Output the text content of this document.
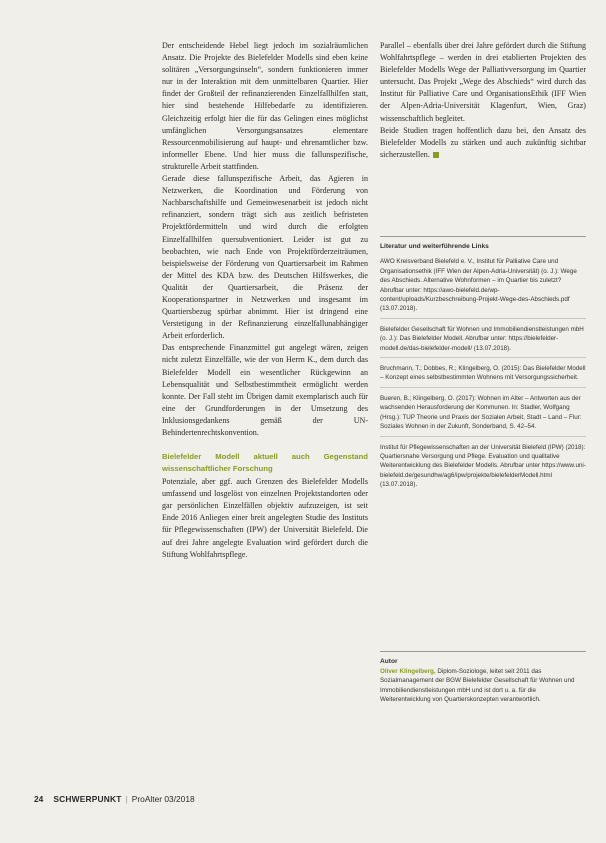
Der entscheidende Hebel liegt jedoch im sozialräumlichen Ansatz. Die Projekte des Bielefelder Modells sind eben keine solitären „Versorgungsinseln“, sondern funktionieren immer nur in der Interaktion mit dem unmittelbaren Quartier. Hier findet der Großteil der refinanzierenden Einzelfallhilfen statt, hier sind bestehende Hilfebedarfe zu identifizieren. Gleichzeitig erfolgt hier die für das Gelingen eines möglichst umfänglichen Versorgungsansatzes elementare Ressourcenmobilisierung auf haupt- und ehrenamtlicher bzw. informeller Ebene. Und hier muss die fallunspezifische, strukturelle Arbeit stattfinden.

Gerade diese fallunspezifische Arbeit, das Agieren in Netzwerken, die Koordination und Förderung von Nachbarschaftshilfe und Gemeinwesenarbeit ist jedoch nicht refinanziert, sondern trägt sich aus zeitlich befristeten Projektfördermitteln und wird durch die erfolgten Einzelfallhilfen quersubventioniert. Leider ist gut zu beobachten, wie nach Ende von Projektförderzeiträumen, beispielsweise der Förderung von Quartiersarbeit im Rahmen der Mittel des KDA bzw. des Deutschen Hilfswerkes, die Qualität der Quartiersarbeit, die Präsenz der Kooperationspartner in Netzwerken und insgesamt im Quartiersbezug spürbar abnimmt. Hier ist dringend eine Verstetigung in der Refinanzierung einzelfallunabhängiger Arbeit erforderlich.

Das entsprechende Finanzmittel gut angelegt wären, zeigen nicht zuletzt Einzelfälle, wie der von Herrn K., dem durch das Bielefelder Modell ein wesentlicher Rückgewinn an Lebensqualität und Selbstbestimmtheit ermöglicht werden konnte. Der Fall steht im Übrigen damit exemplarisch auch für eine der Grundforderungen in der Umsetzung des Inklusionsgedankens gemäß der UN-Behindertenrechtskonvention.

Bielefelder Modell aktuell auch Gegenstand wissenschaftlicher Forschung

Potenziale, aber ggf. auch Grenzen des Bielefelder Modells umfassend und losgelöst von einzelnen Projektstandorten oder gar persönlichen Einzelfällen objektiv aufzuzeigen, ist seit Ende 2016 Anliegen einer breit angelegten Studie des Instituts für Pflegewissenschaften (IPW) der Universität Bielefeld. Die auf drei Jahre angelegte Evaluation wird gefördert durch die Stiftung Wohlfahrtspflege.

Parallel – ebenfalls über drei Jahre gefördert durch die Stiftung Wohlfahrtspflege – werden in drei etablierten Projekten des Bielefelder Modells Wege der Palliativversorgung im Quartier untersucht. Das Projekt „Wege des Abschieds“ wird durch das Institut für Palliative Care und OrganisationsEthik (IFF Wien der Alpen-Adria-Universität Klagenfurt, Wien, Graz) wissenschaftlich begleitet.

Beide Studien tragen hoffentlich dazu bei, den Ansatz des Bielefelder Modells zu stärken und auch zukünftig sichtbar sicherzustellen.

Literatur und weiterführende Links
AWO Kreisverband Bielefeld e. V., Institut für Palliative Care und Organisationsethik (IFF Wien der Alpen-Adria-Universität) (o. J.): Wege des Abschieds. Alternative Wohnformen – im Quartier bis zuletzt? Abrufbar unter: https://awo-bielefeld.de/wp-content/uploads/Kurzbeschreibung-Projekt-Wege-des-Abschieds.pdf (13.07.2018).
Bielefelder Gesellschaft für Wohnen und Immobiliendienstleistungen mbH (o. J.): Das Bielefelder Modell. Abrufbar unter: https://bielefelder-modell.de/das-bielefelder-modell/ (13.07.2018).
Bruchmann, T.; Dobbes, R.; Klingelberg, O. (2015): Das Bielefelder Modell – Konzept eines selbstbestimmten Wohnens mit Versorgungssicherheit.
Bueren, B.; Klingelberg, O. (2017): Wohnen im Alter – Antworten aus der wachsenden Herausforderung der Kommunen. In: Stadler, Wolfgang (Hrsg.): TUP Theorie und Praxis der Sozialen Arbeit, Stadt – Land – Flur: Soziales Wohnen in der Zukunft, Sonderband, S. 42–54.
Institut für Pflegewissenschaften an der Universität Bielefeld (IPW) (2018): Quartiersnahe Versorgung und Pflege. Evaluation und qualitative Weiterentwicklung des Bielefelder Modells. Abrufbar unter https://www.uni-bielefeld.de/gesundhw/ag6/ipw/projekte/bielefelderModell.html (13.07.2018).
Autor
Oliver Klingelberg, Diplom-Soziologe, leitet seit 2011 das Sozialmanagement der BGW Bielefelder Gesellschaft für Wohnen und Immobiliendienstleistungen mbH und ist dort u. a. für die Weiterentwicklung von Quartierskonzepten verantwortlich.
24 SCHWERPUNKT | ProAlter 03/2018
